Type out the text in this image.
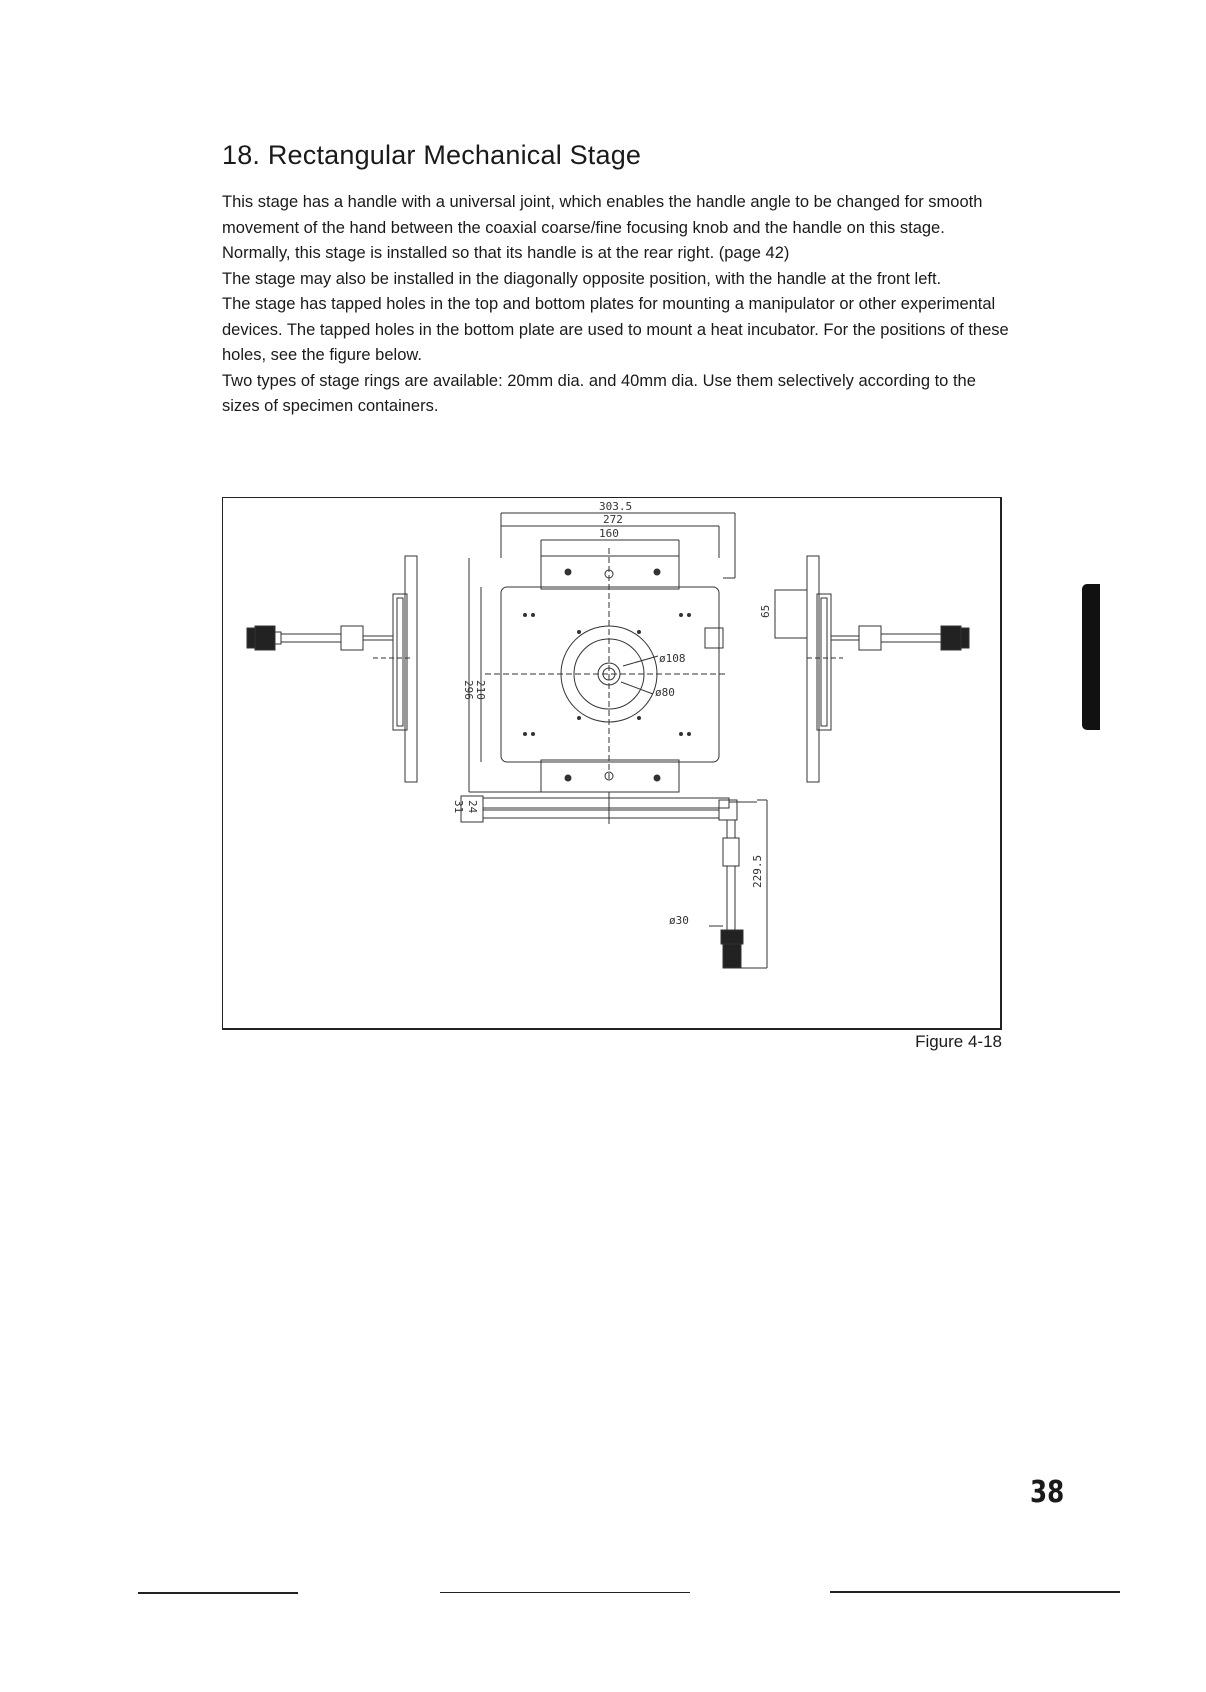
18. Rectangular Mechanical Stage

This stage has a handle with a universal joint, which enables the handle angle to be changed for smooth movement of the hand between the coaxial coarse/fine focusing knob and the handle on this stage.

Normally, this stage is installed so that its handle is at the rear right. (page 42)

The stage may also be installed in the diagonally opposite position, with the handle at the front left.

The stage has tapped holes in the top and bottom plates for mounting a manipulator or other experimental devices. The tapped holes in the bottom plate are used to mount a heat incubator. For the positions of these holes, see the figure below.

Two types of stage rings are available: 20mm dia. and 40mm dia. Use them selectively according to the sizes of specimen containers.

303.5
272
160
ø108
ø80
296 210
65
31 24
229.5
ø30
Figure 4-18
38
